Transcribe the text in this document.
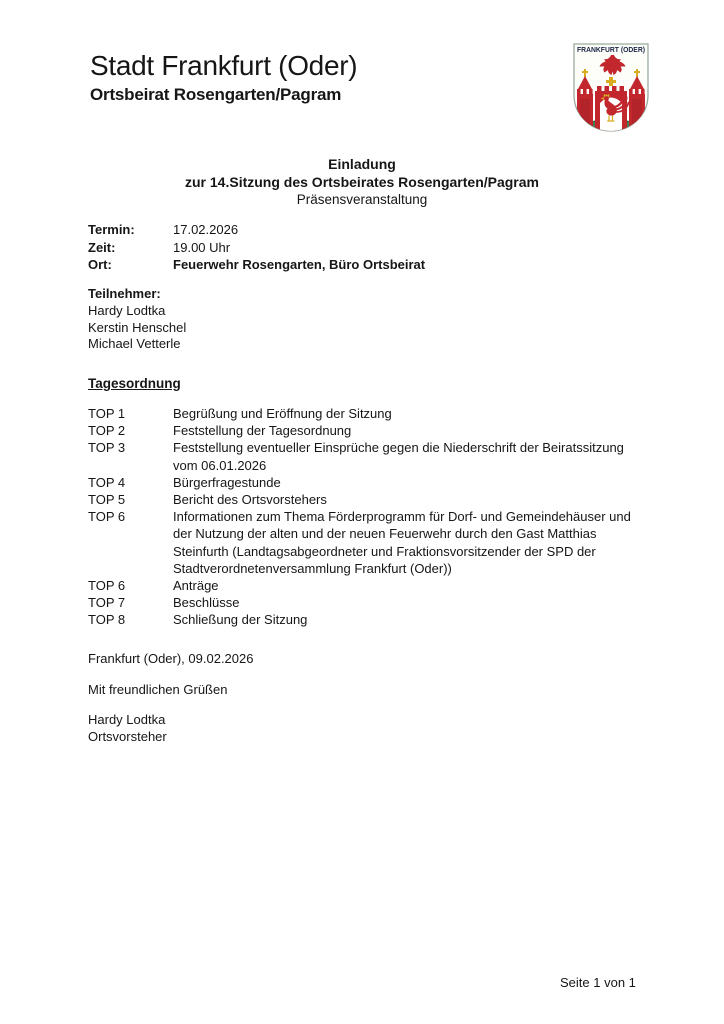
Stadt Frankfurt (Oder)
Ortsbeirat Rosengarten/Pagram
FRANKFURT (ODER)
Einladung
zur 14.Sitzung des Ortsbeirates Rosengarten/Pagram
Präsensveranstaltung
Termin:	17.02.2026
Zeit:	19.00 Uhr
Ort:	Feuerwehr Rosengarten, Büro Ortsbeirat
Teilnehmer:
Hardy Lodtka
Kerstin Henschel
Michael Vetterle
Tagesordnung
TOP 1	Begrüßung und Eröffnung der Sitzung
TOP 2	Feststellung der Tagesordnung
TOP 3	Feststellung eventueller Einsprüche gegen die Niederschrift der Beiratssitzung vom 06.01.2026
TOP 4	Bürgerfragestunde
TOP 5	Bericht des Ortsvorstehers
TOP 6	Informationen zum Thema Förderprogramm für Dorf- und Gemeindehäuser und der Nutzung der alten und der neuen Feuerwehr durch den Gast Matthias Steinfurth (Landtagsabgeordneter und Fraktionsvorsitzender der SPD der Stadtverordnetenversammlung Frankfurt (Oder))
TOP 6	Anträge
TOP 7	Beschlüsse
TOP 8	Schließung der Sitzung
Frankfurt (Oder), 09.02.2026
Mit freundlichen Grüßen
Hardy Lodtka
Ortsvorsteher
Seite 1 von 1
